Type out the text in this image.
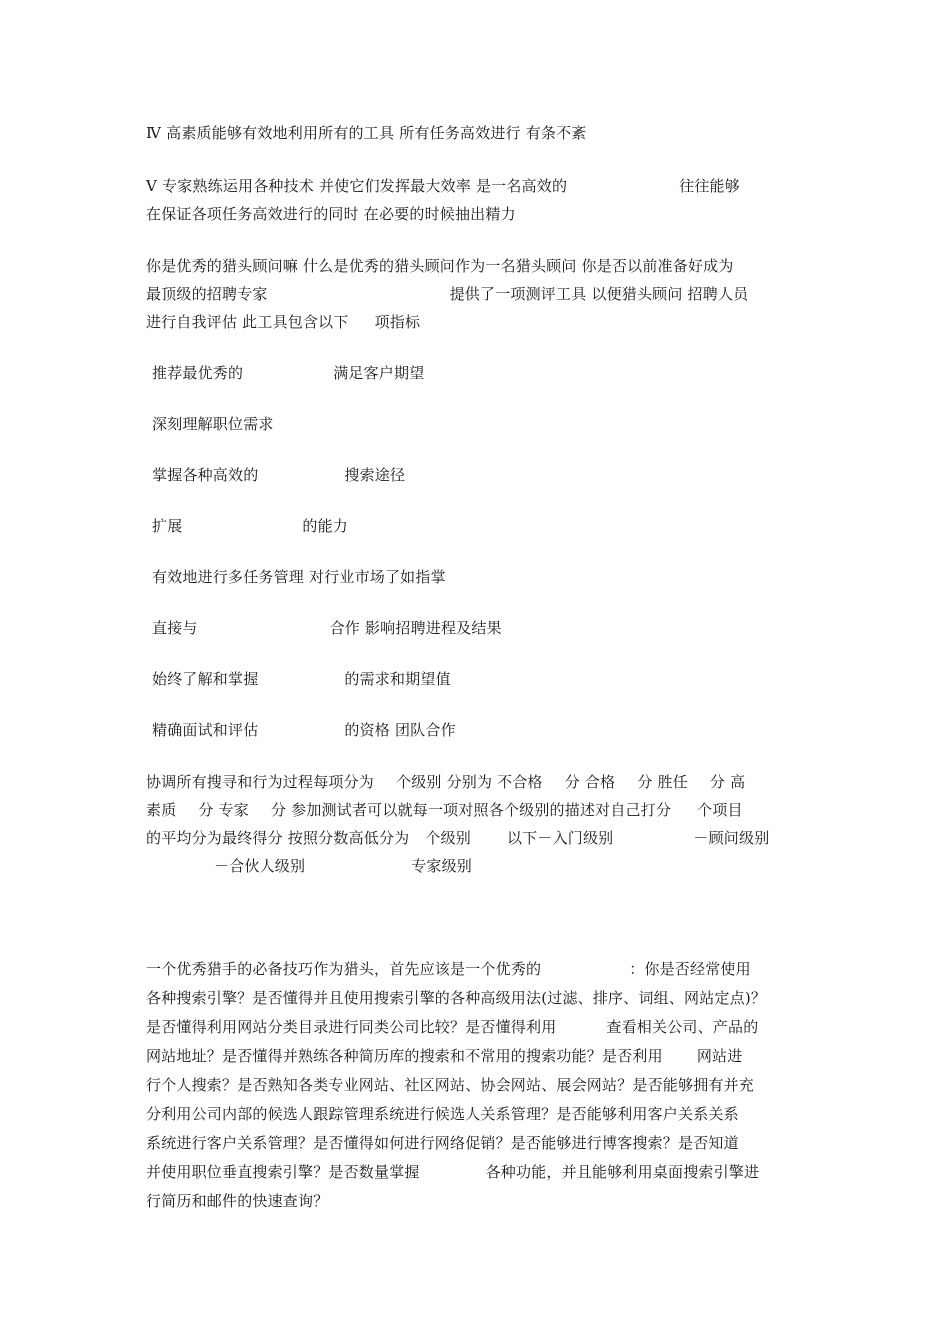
Ⅳ 高素质能够有效地利用所有的工具 所有任务高效进行 有条不紊
Ⅴ 专家熟练运用各种技术 并使它们发挥最大效率 是一名高效的	往往能够
在保证各项任务高效进行的同时 在必要的时候抽出精力
你是优秀的猎头顾问嘛 什么是优秀的猎头顾问作为一名猎头顾问 你是否以前准备好成为
最顶级的招聘专家	提供了一项测评工具 以便猎头顾问 招聘人员
进行自我评估 此工具包含以下 项指标
推荐最优秀的	满足客户期望
深刻理解职位需求
掌握各种高效的	搜索途径
扩展	的能力
有效地进行多任务管理 对行业市场了如指掌
直接与	合作 影响招聘进程及结果
始终了解和掌握	的需求和期望值
精确面试和评估	的资格 团队合作
协调所有搜寻和行为过程每项分为 个级别 分别为 不合格 分 合格 分 胜任 分 高
素质 分 专家 分 参加测试者可以就每一项对照各个级别的描述对自己打分 个项目
的平均分为最终得分 按照分数高低分为 个级别 以下－入门级别	－顾问级别
－合伙人级别	专家级别
一个优秀猎手的必备技巧作为猎头，首先应该是一个优秀的	：你是否经常使用
各种搜索引擎？是否懂得并且使用搜索引擎的各种高级用法(过滤、排序、词组、网站定点)？
是否懂得利用网站分类目录进行同类公司比较？是否懂得利用	查看相关公司、产品的
网站地址？是否懂得并熟练各种简历库的搜索和不常用的搜索功能？是否利用 网站进
行个人搜索？是否熟知各类专业网站、社区网站、协会网站、展会网站？是否能够拥有并充
分利用公司内部的候选人跟踪管理系统进行候选人关系管理？是否能够利用客户关系关系
系统进行客户关系管理？是否懂得如何进行网络促销？是否能够进行博客搜索？是否知道
并使用职位垂直搜索引擎？是否数量掌握	各种功能，并且能够利用桌面搜索引擎进
行简历和邮件的快速查询？
